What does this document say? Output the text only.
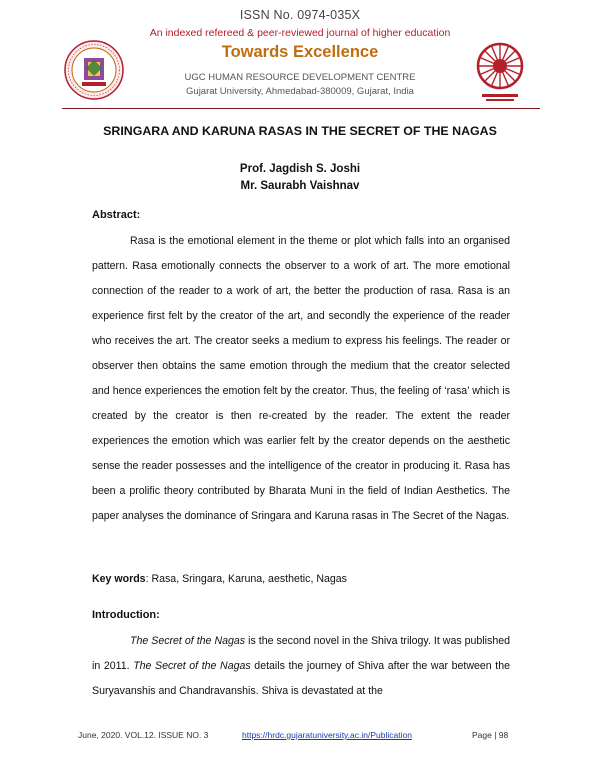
ISSN No. 0974-035X
An indexed refereed & peer-reviewed journal of higher education
Towards Excellence
UGC HUMAN RESOURCE DEVELOPMENT CENTRE
Gujarat University, Ahmedabad-380009, Gujarat, India
SRINGARA AND KARUNA RASAS IN THE SECRET OF THE NAGAS
Prof. Jagdish S. Joshi
Mr. Saurabh Vaishnav
Abstract:

Rasa is the emotional element in the theme or plot which falls into an organised pattern. Rasa emotionally connects the observer to a work of art. The more emotional connection of the reader to a work of art, the better the production of rasa. Rasa is an experience first felt by the creator of the art, and secondly the experience of the reader who receives the art. The creator seeks a medium to express his feelings. The reader or observer then obtains the same emotion through the medium that the creator selected and hence experiences the emotion felt by the creator. Thus, the feeling of ‘rasa’ which is created by the creator is then re-created by the reader. The extent the reader experiences the emotion which was earlier felt by the creator depends on the aesthetic sense the reader possesses and the intelligence of the creator in producing it. Rasa has been a prolific theory contributed by Bharata Muni in the field of Indian Aesthetics. The paper analyses the dominance of Sringara and Karuna rasas in The Secret of the Nagas.

Key words: Rasa, Sringara, Karuna, aesthetic, Nagas
Introduction:

The Secret of the Nagas is the second novel in the Shiva trilogy. It was published in 2011. The Secret of the Nagas details the journey of Shiva after the war between the Suryavanshis and Chandravanshis. Shiva is devastated at the

June, 2020. VOL.12. ISSUE NO. 3	https://hrdc.gujaratuniversity.ac.in/Publication	Page | 98
